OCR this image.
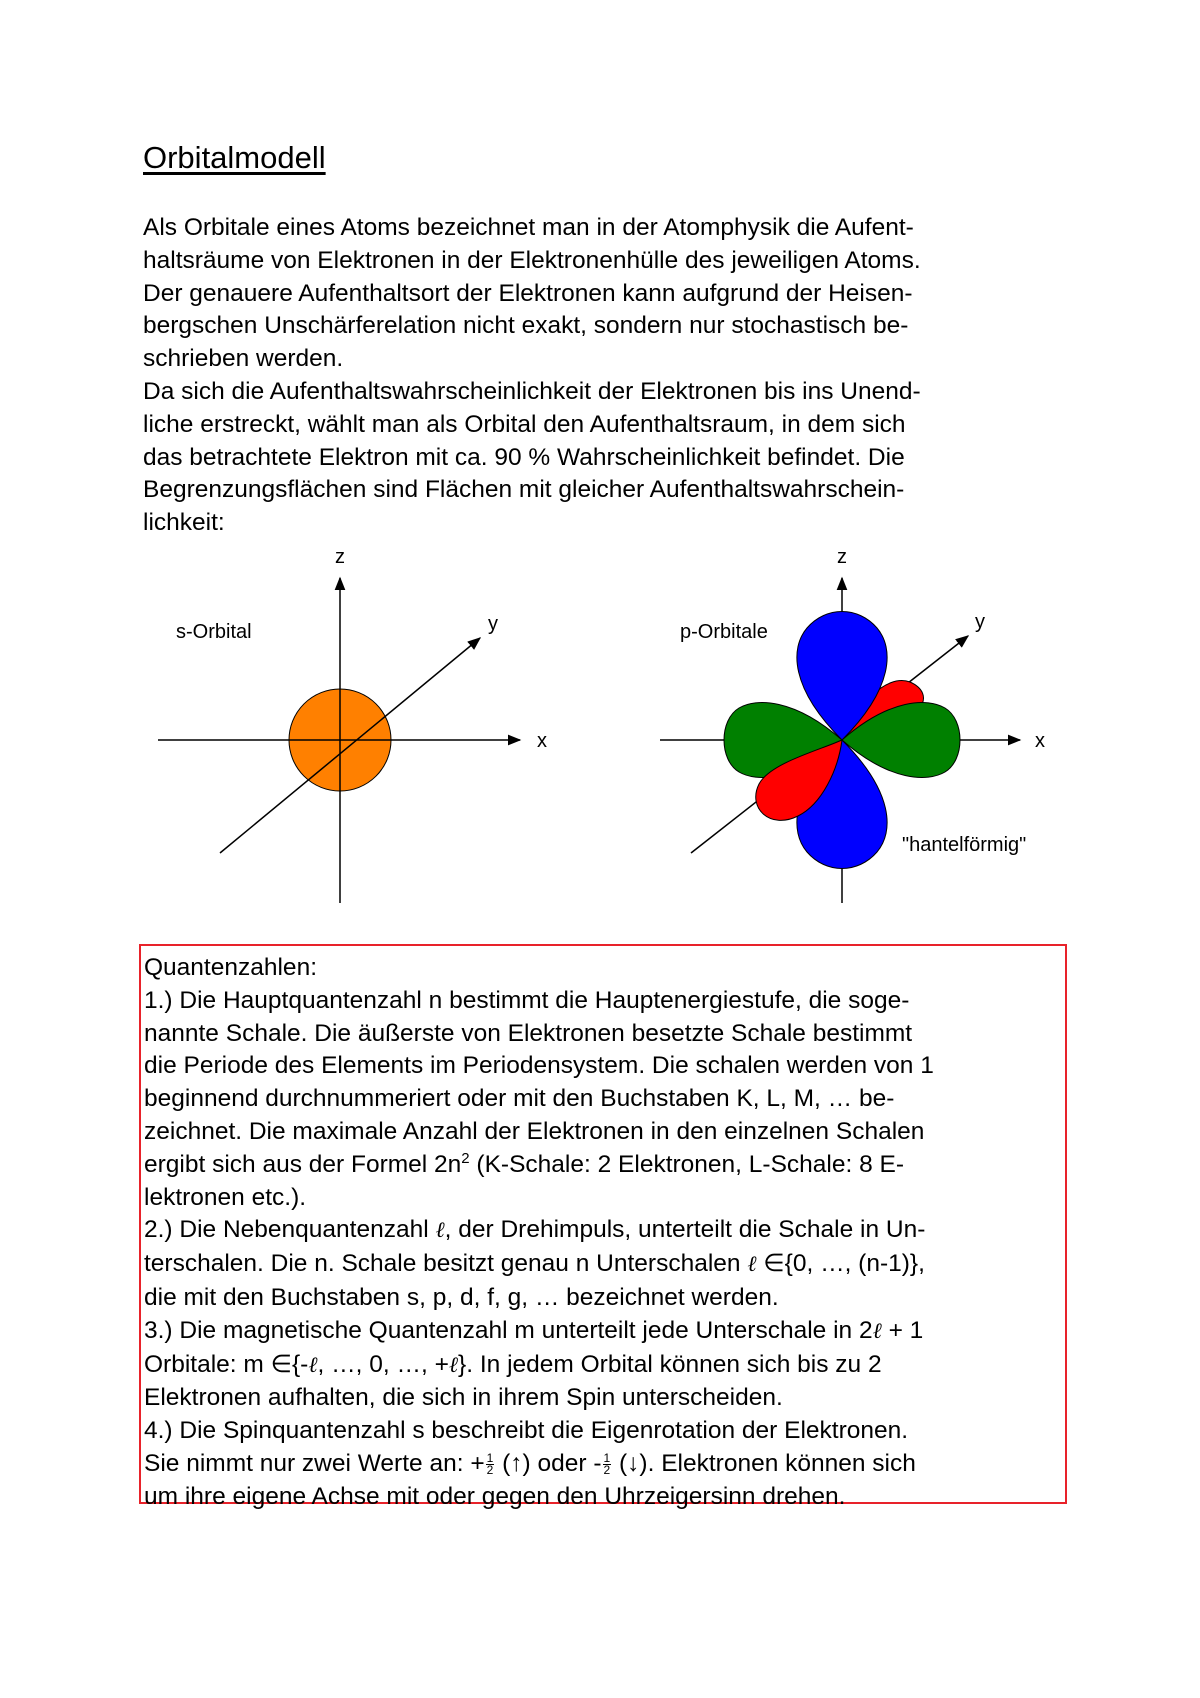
Orbitalmodell
Als Orbitale eines Atoms bezeichnet man in der Atomphysik die Aufent-
haltsräume von Elektronen in der Elektronenhülle des jeweiligen Atoms.
Der genauere Aufenthaltsort der Elektronen kann aufgrund der Heisen-
bergschen Unschärferelation nicht exakt, sondern nur stochastisch be-
schrieben werden.
Da sich die Aufenthaltswahrscheinlichkeit der Elektronen bis ins Unend-
liche erstreckt, wählt man als Orbital den Aufenthaltsraum, in dem sich
das betrachtete Elektron mit ca. 90 % Wahrscheinlichkeit befindet. Die
Begrenzungsflächen sind Flächen mit gleicher Aufenthaltswahrschein-
lichkeit:
z
y
x
s-Orbital
z
y
x
p-Orbitale
"hantelförmig"
Quantenzahlen:
1.) Die Hauptquantenzahl n bestimmt die Hauptenergiestufe, die soge-
nannte Schale. Die äußerste von Elektronen besetzte Schale bestimmt
die Periode des Elements im Periodensystem. Die schalen werden von 1
beginnend durchnummeriert oder mit den Buchstaben K, L, M, … be-
zeichnet. Die maximale Anzahl der Elektronen in den einzelnen Schalen
ergibt sich aus der Formel $2n^2$ (K-Schale: 2 Elektronen, L-Schale: 8 E-
lektronen etc.).
2.) Die Nebenquantenzahl ℓ, der Drehimpuls, unterteilt die Schale in Un-
terschalen. Die n. Schale besitzt genau n Unterschalen ℓ ∈{0, …, (n-1)},
die mit den Buchstaben s, p, d, f, g, … bezeichnet werden.
3.) Die magnetische Quantenzahl m unterteilt jede Unterschale in 2ℓ + 1
Orbitale: m ∈{-ℓ, …, 0, …, +ℓ}. In jedem Orbital können sich bis zu 2
Elektronen aufhalten, die sich in ihrem Spin unterscheiden.
4.) Die Spinquantenzahl s beschreibt die Eigenrotation der Elektronen.
Sie nimmt nur zwei Werte an: + $\frac{1}{2}$ (↑) oder - $\frac{1}{2}$ (↓). Elektronen können sich
um ihre eigene Achse mit oder gegen den Uhrzeigersinn drehen.
